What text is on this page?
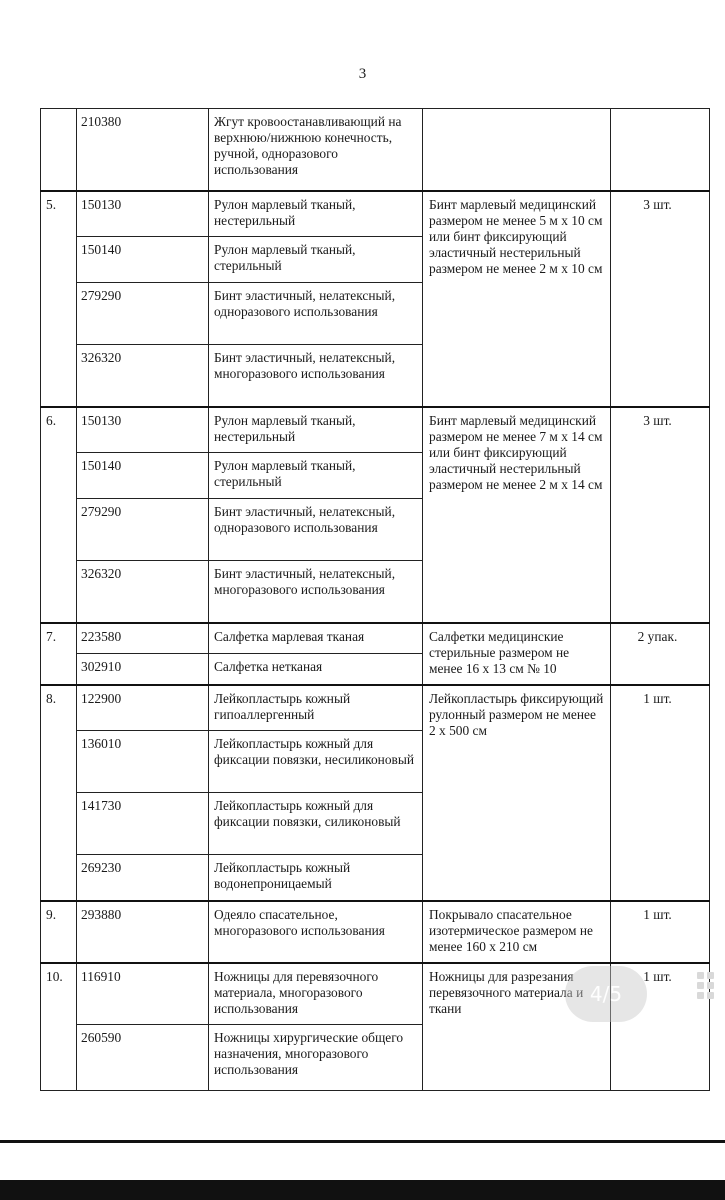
3
	210380	Жгут кровоостанавливающий на верхнюю/нижнюю конечность, ручной, одноразового использования		
5.	150130	Рулон марлевый тканый, нестерильный	Бинт марлевый медицинский размером не менее 5 м х 10 см или бинт фиксирующий эластичный нестерильный размером не менее 2 м х 10 см	3 шт.
	150140	Рулон марлевый тканый, стерильный		
	279290	Бинт эластичный, нелатексный, одноразового использования		
	326320	Бинт эластичный, нелатексный, многоразового использования		
6.	150130	Рулон марлевый тканый, нестерильный	Бинт марлевый медицинский размером не менее 7 м х 14 см или бинт фиксирующий эластичный нестерильный размером не менее 2 м х 14 см	3 шт.
	150140	Рулон марлевый тканый, стерильный		
	279290	Бинт эластичный, нелатексный, одноразового использования		
	326320	Бинт эластичный, нелатексный, многоразового использования		
7.	223580	Салфетка марлевая тканая	Салфетки медицинские стерильные размером не менее 16 х 13 см № 10	2 упак.
	302910	Салфетка нетканая		
8.	122900	Лейкопластырь кожный гипоаллергенный	Лейкопластырь фиксирующий рулонный размером не менее 2 х 500 см	1 шт.
	136010	Лейкопластырь кожный для фиксации повязки, несиликоновый		
	141730	Лейкопластырь кожный для фиксации повязки, силиконовый		
	269230	Лейкопластырь кожный водонепроницаемый		
9.	293880	Одеяло спасательное, многоразового использования	Покрывало спасательное изотермическое размером не менее 160 х 210 см	1 шт.
10.	116910	Ножницы для перевязочного материала, многоразового использования	Ножницы для разрезания перевязочного материала и ткани	1 шт.
	260590	Ножницы хирургические общего назначения, многоразового использования		
4/5
